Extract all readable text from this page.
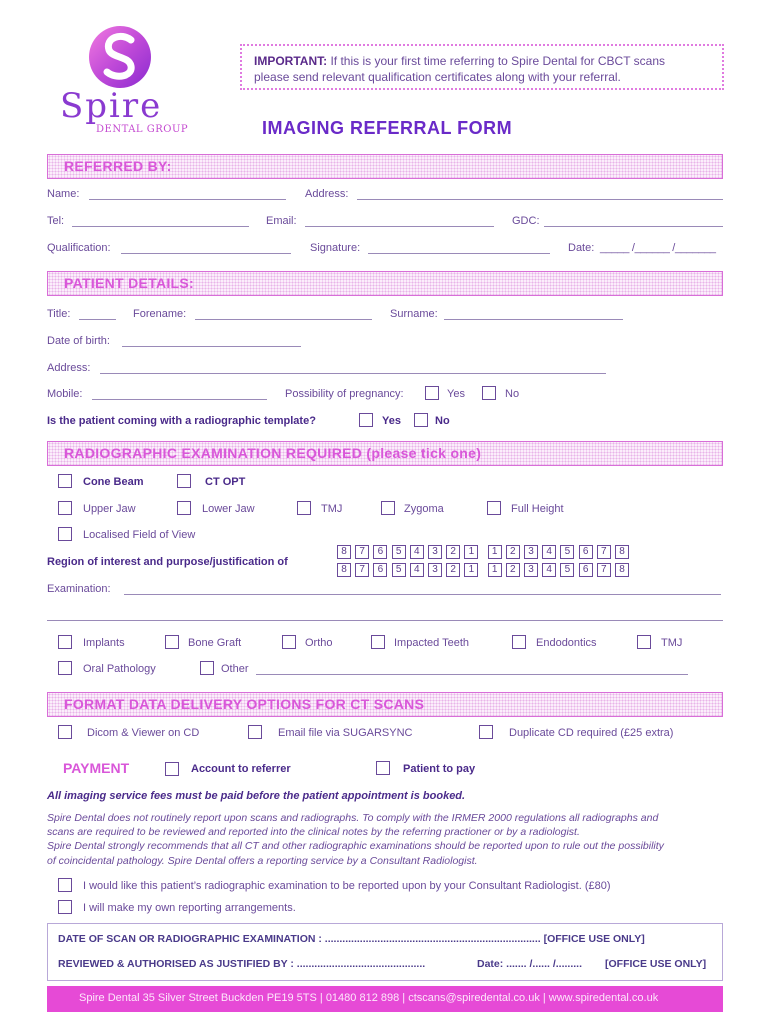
Spire
DENTAL GROUP
IMPORTANT: If this is your first time referring to Spire Dental for CBCT scans
please send relevant qualification certificates along with your referral.
IMAGING REFERRAL FORM
REFERRED BY:
Name:	Address:
Tel:	Email:	GDC:
Qualification:	Signature:	Date: _____ /______ /_______
PATIENT DETAILS:
Title:	Forename:	Surname:
Date of birth:
Address:
Mobile:	Possibility of pregnancy:	Yes	No
Is the patient coming with a radiographic template?	Yes	No
RADIOGRAPHIC EXAMINATION REQUIRED (please tick one)
Cone Beam	CT OPT
Upper Jaw	Lower Jaw	TMJ	Zygoma	Full Height
Localised Field of View
Region of interest and purpose/justification of
8	7	6	5	4	3	2	1	1	2	3	4	5	6	7	8
8	7	6	5	4	3	2	1	1	2	3	4	5	6	7	8
Examination:
Implants	Bone Graft	Ortho	Impacted Teeth	Endodontics	TMJ
Oral Pathology	Other
FORMAT DATA DELIVERY OPTIONS FOR CT SCANS
Dicom & Viewer on CD	Email file via SUGARSYNC	Duplicate CD required (£25 extra)
PAYMENT	Account to referrer	Patient to pay
All imaging service fees must be paid before the patient appointment is booked.
Spire Dental does not routinely report upon scans and radiographs. To comply with the IRMER 2000 regulations all radiographs and
scans are required to be reviewed and reported into the clinical notes by the referring practioner or by a radiologist.
Spire Dental strongly recommends that all CT and other radiographic examinations should be reported upon to rule out the possibility
of coincidental pathology. Spire Dental offers a reporting service by a Consultant Radiologist.
I would like this patient’s radiographic examination to be reported upon by your Consultant Radiologist. (£80)
I will make my own reporting arrangements.
DATE OF SCAN OR RADIOGRAPHIC EXAMINATION : .......................................................................... [OFFICE USE ONLY]
REVIEWED & AUTHORISED AS JUSTIFIED BY : ............................................	Date: ....... /...... /......... [OFFICE USE ONLY]
Spire Dental 35 Silver Street Buckden PE19 5TS | 01480 812 898 | ctscans@spiredental.co.uk | www.spiredental.co.uk
